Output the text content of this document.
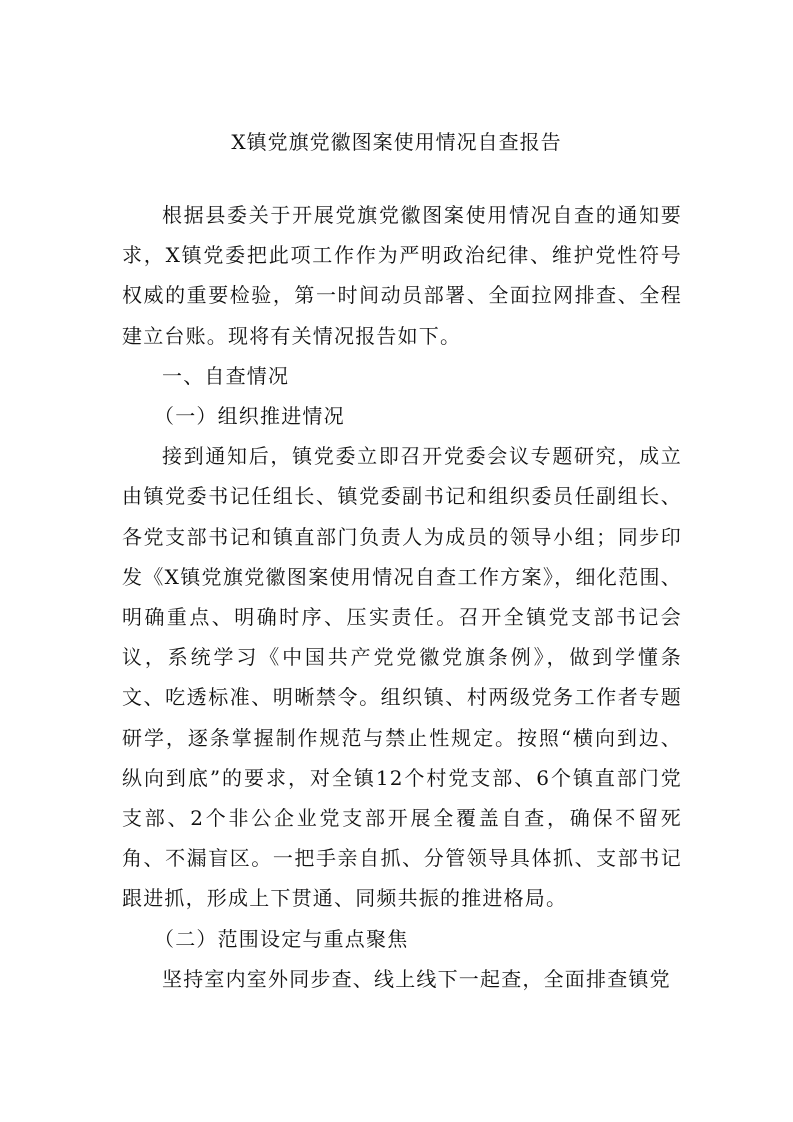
X镇党旗党徽图案使用情况自查报告

根据县委关于开展党旗党徽图案使用情况自查的通知要求，X镇党委把此项工作作为严明政治纪律、维护党性符号权威的重要检验，第一时间动员部署、全面拉网排查、全程建立台账。现将有关情况报告如下。

一、自查情况

（一）组织推进情况

接到通知后，镇党委立即召开党委会议专题研究，成立由镇党委书记任组长、镇党委副书记和组织委员任副组长、各党支部书记和镇直部门负责人为成员的领导小组；同步印发《X镇党旗党徽图案使用情况自查工作方案》，细化范围、明确重点、明确时序、压实责任。召开全镇党支部书记会议，系统学习《中国共产党党徽党旗条例》，做到学懂条文、吃透标准、明晰禁令。组织镇、村两级党务工作者专题研学，逐条掌握制作规范与禁止性规定。按照“横向到边、纵向到底”的要求，对全镇12个村党支部、6个镇直部门党支部、2个非公企业党支部开展全覆盖自查，确保不留死角、不漏盲区。一把手亲自抓、分管领导具体抓、支部书记跟进抓，形成上下贯通、同频共振的推进格局。

（二）范围设定与重点聚焦

坚持室内室外同步查、线上线下一起查，全面排查镇党
